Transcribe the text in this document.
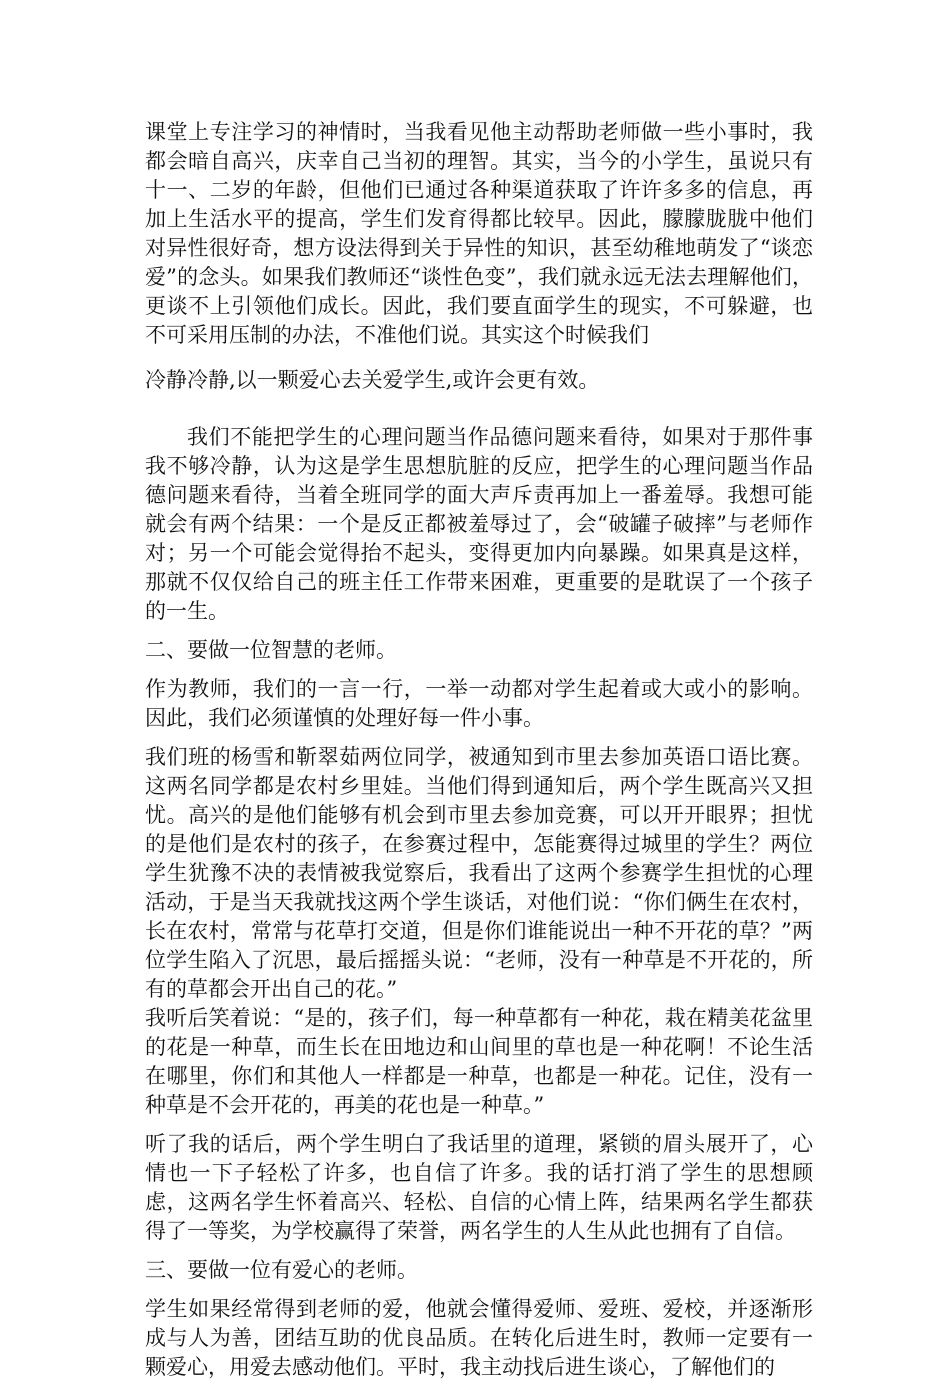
课堂上专注学习的神情时，当我看见他主动帮助老师做一些小事时，我都会暗自高兴，庆幸自己当初的理智。其实，当今的小学生，虽说只有十一、二岁的年龄，但他们已通过各种渠道获取了许许多多的信息，再加上生活水平的提高，学生们发育得都比较早。因此，朦朦胧胧中他们对异性很好奇，想方设法得到关于异性的知识，甚至幼稚地萌发了“谈恋爱”的念头。如果我们教师还“谈性色变”，我们就永远无法去理解他们，更谈不上引领他们成长。因此，我们要直面学生的现实，不可躲避，也不可采用压制的办法，不准他们说。其实这个时候我们

冷静冷静,以一颗爱心去关爱学生,或许会更有效。

我们不能把学生的心理问题当作品德问题来看待，如果对于那件事我不够冷静，认为这是学生思想肮脏的反应，把学生的心理问题当作品德问题来看待，当着全班同学的面大声斥责再加上一番羞辱。我想可能就会有两个结果：一个是反正都被羞辱过了，会“破罐子破摔”与老师作对；另一个可能会觉得抬不起头，变得更加内向暴躁。如果真是这样，那就不仅仅给自己的班主任工作带来困难，更重要的是耽误了一个孩子的一生。

二、要做一位智慧的老师。

作为教师，我们的一言一行，一举一动都对学生起着或大或小的影响。因此，我们必须谨慎的处理好每一件小事。

我们班的杨雪和靳翠茹两位同学，被通知到市里去参加英语口语比赛。这两名同学都是农村乡里娃。当他们得到通知后，两个学生既高兴又担忧。高兴的是他们能够有机会到市里去参加竞赛，可以开开眼界；担忧的是他们是农村的孩子，在参赛过程中，怎能赛得过城里的学生？两位学生犹豫不决的表情被我觉察后，我看出了这两个参赛学生担忧的心理活动，于是当天我就找这两个学生谈话，对他们说：“你们俩生在农村，长在农村，常常与花草打交道，但是你们谁能说出一种不开花的草？”两位学生陷入了沉思，最后摇摇头说：“老师，没有一种草是不开花的，所有的草都会开出自己的花。”

我听后笑着说：“是的，孩子们，每一种草都有一种花，栽在精美花盆里的花是一种草，而生长在田地边和山间里的草也是一种花啊！不论生活在哪里，你们和其他人一样都是一种草，也都是一种花。记住，没有一种草是不会开花的，再美的花也是一种草。”

听了我的话后，两个学生明白了我话里的道理，紧锁的眉头展开了，心情也一下子轻松了许多，也自信了许多。我的话打消了学生的思想顾虑，这两名学生怀着高兴、轻松、自信的心情上阵，结果两名学生都获得了一等奖，为学校赢得了荣誉，两名学生的人生从此也拥有了自信。

三、要做一位有爱心的老师。

学生如果经常得到老师的爱，他就会懂得爱师、爱班、爱校，并逐渐形成与人为善，团结互助的优良品质。在转化后进生时，教师一定要有一颗爱心，用爱去感动他们。平时，我主动找后进生谈心，了解他们的
